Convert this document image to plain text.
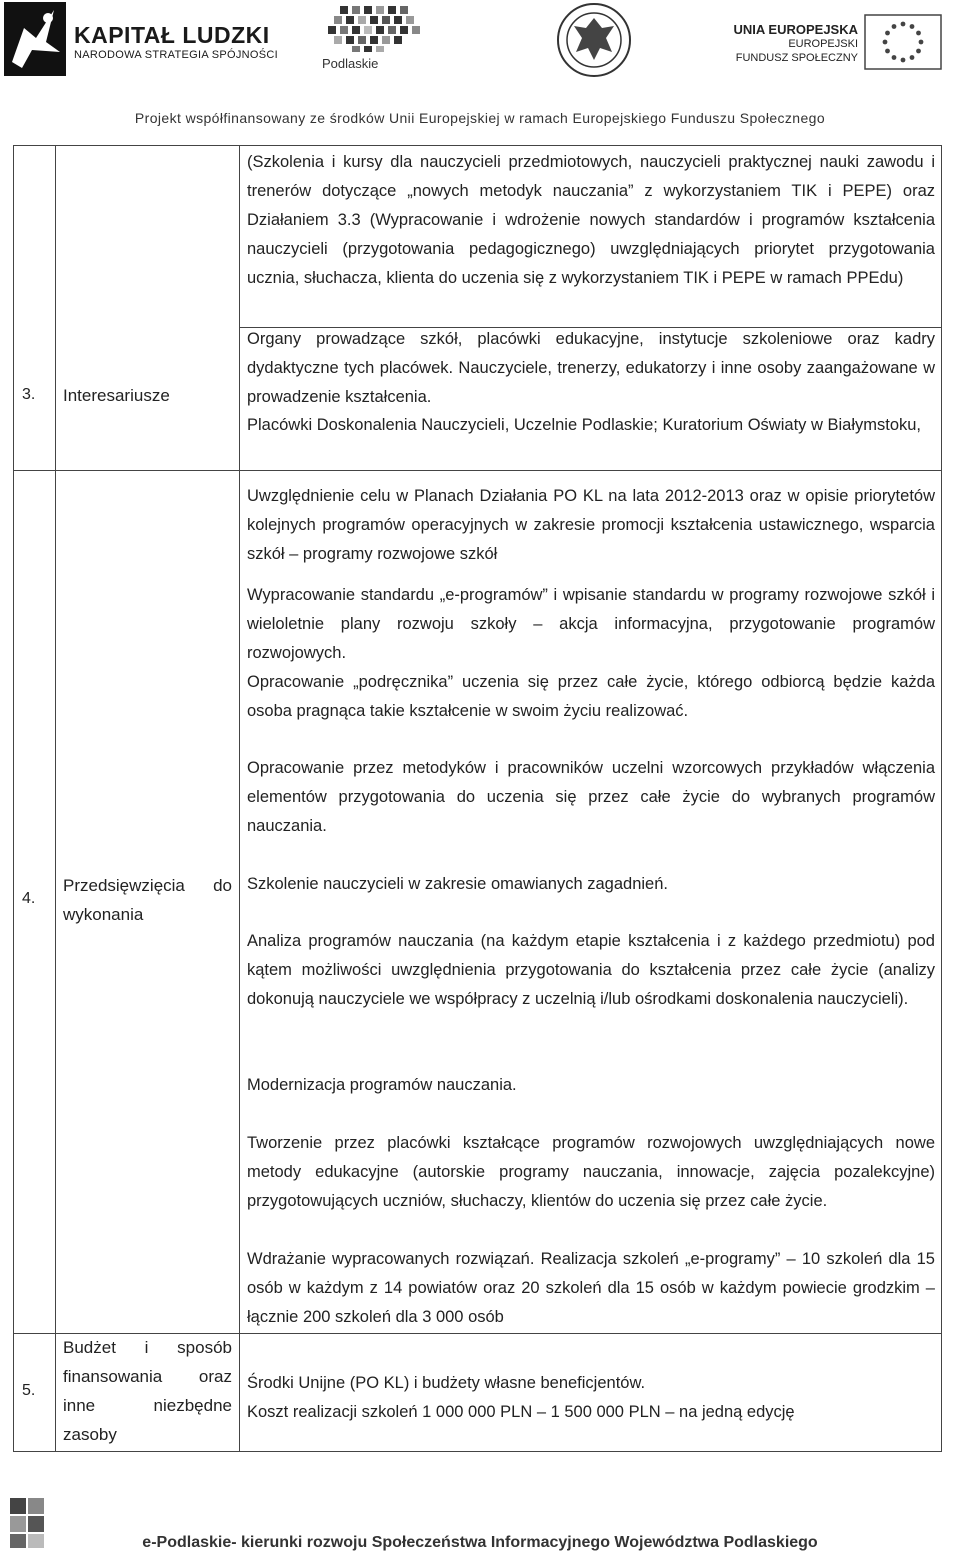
KAPITAŁ LUDZKI
NARODOWA STRATEGIA SPÓJNOŚCI
Podlaskie
UNIA EUROPEJSKA
EUROPEJSKI
FUNDUSZ SPOŁECZNY
Projekt współfinansowany ze środków Unii Europejskiej w ramach Europejskiego Funduszu Społecznego
(Szkolenia i kursy dla nauczycieli przedmiotowych, nauczycieli praktycznej nauki zawodu i trenerów dotyczące „nowych metodyk nauczania” z wykorzystaniem TIK i PEPE) oraz Działaniem 3.3 (Wypracowanie i wdrożenie nowych standardów i programów kształcenia nauczycieli (przygotowania pedagogicznego) uwzględniających priorytet przygotowania ucznia, słuchacza, klienta do uczenia się z wykorzystaniem TIK i PEPE w ramach PPEdu)
3. Interesariusze
Organy prowadzące szkół, placówki edukacyjne, instytucje szkoleniowe oraz kadry dydaktyczne tych placówek. Nauczyciele, trenerzy, edukatorzy i inne osoby zaangażowane w prowadzenie kształcenia.
Placówki Doskonalenia Nauczycieli, Uczelnie Podlaskie; Kuratorium Oświaty w Białymstoku,
4.
Przedsięwzięcia do wykonania
Uwzględnienie celu w Planach Działania PO KL na lata 2012-2013 oraz w opisie priorytetów kolejnych programów operacyjnych w zakresie promocji kształcenia ustawicznego, wsparcia szkół – programy rozwojowe szkół
Wypracowanie standardu „e-programów” i wpisanie standardu w programy rozwojowe szkół i wieloletnie plany rozwoju szkoły – akcja informacyjna, przygotowanie programów rozwojowych.
Opracowanie „podręcznika” uczenia się przez całe życie, którego odbiorcą będzie każda osoba pragnąca takie kształcenie w swoim życiu realizować.
Opracowanie przez metodyków i pracowników uczelni wzorcowych przykładów włączenia elementów przygotowania do uczenia się przez całe życie do wybranych programów nauczania.
Szkolenie nauczycieli w zakresie omawianych zagadnień.
Analiza programów nauczania (na każdym etapie kształcenia i z każdego przedmiotu) pod kątem możliwości uwzględnienia przygotowania do kształcenia przez całe życie (analizy dokonują nauczyciele we współpracy z uczelnią i/lub ośrodkami doskonalenia nauczycieli).
Modernizacja programów nauczania.
Tworzenie przez placówki kształcące programów rozwojowych uwzględniających nowe metody edukacyjne (autorskie programy nauczania, innowacje, zajęcia pozalekcyjne) przygotowujących uczniów, słuchaczy, klientów do uczenia się przez całe życie.
Wdrażanie wypracowanych rozwiązań. Realizacja szkoleń „e-programy” – 10 szkoleń dla 15 osób w każdym z 14 powiatów oraz 20 szkoleń dla 15 osób w każdym powiecie grodzkim – łącznie 200 szkoleń dla 3 000 osób
5.
Budżet i sposób finansowania oraz inne niezbędne zasoby
Środki Unijne (PO KL) i budżety własne beneficjentów.
Koszt realizacji szkoleń 1 000 000 PLN – 1 500 000 PLN – na jedną edycję
e-Podlaskie- kierunki rozwoju Społeczeństwa Informacyjnego Województwa Podlaskiego
